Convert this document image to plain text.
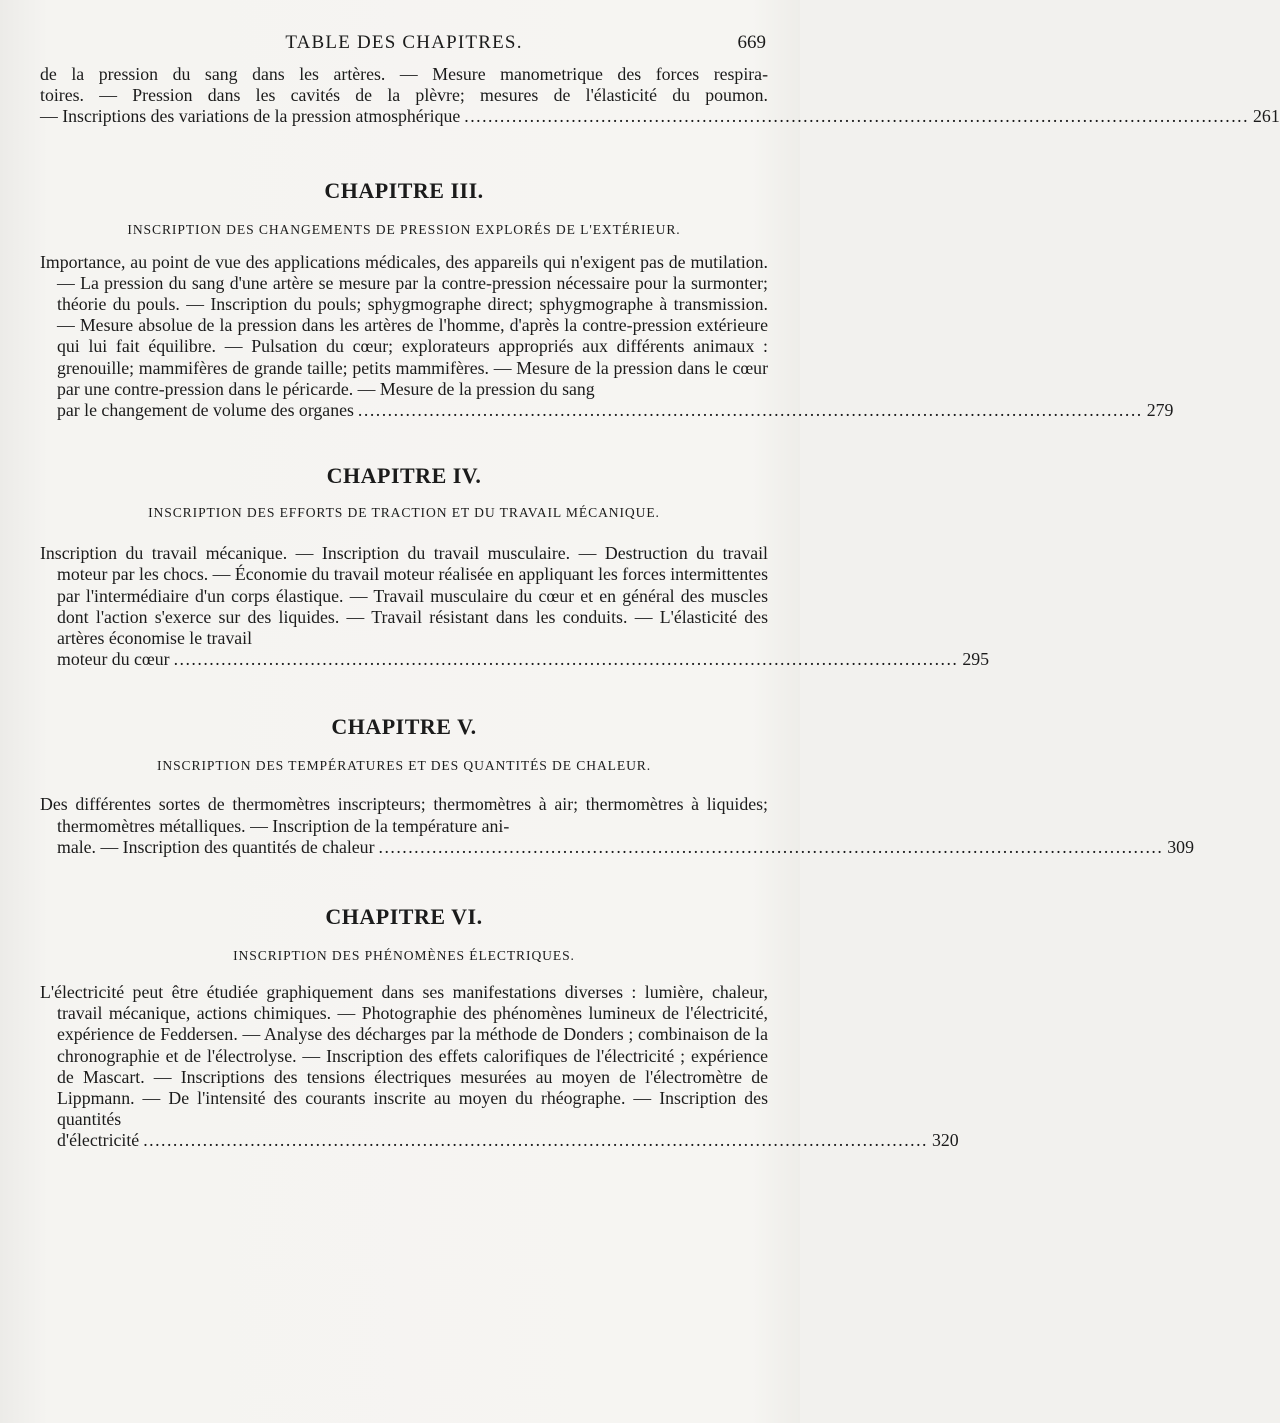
TABLE DES CHAPITRES.	669
de la pression du sang dans les artères. — Mesure manometrique des forces respira-
toires. — Pression dans les cavités de la plèvre; mesures de l'élasticité du poumon.
— Inscriptions des variations de la pression atmosphérique .................................................................................................................................... 261
CHAPITRE III.
INSCRIPTION DES CHANGEMENTS DE PRESSION EXPLORÉS DE L'EXTÉRIEUR.

Importance, au point de vue des applications médicales, des appareils qui n'exigent pas de mutilation. — La pression du sang d'une artère se mesure par la contre-pression nécessaire pour la surmonter; théorie du pouls. — Inscription du pouls; sphygmographe direct; sphygmographe à transmission. — Mesure absolue de la pression dans les artères de l'homme, d'après la contre-pression extérieure qui lui fait équilibre. — Pulsation du cœur; explorateurs appropriés aux différents animaux : grenouille; mammifères de grande taille; petits mammifères. — Mesure de la pression dans le cœur par une contre-pression dans le péricarde. — Mesure de la pression du sang

par le changement de volume des organes .................................................................................................................................... 279
CHAPITRE IV.
INSCRIPTION DES EFFORTS DE TRACTION ET DU TRAVAIL MÉCANIQUE.

Inscription du travail mécanique. — Inscription du travail musculaire. — Destruction du travail moteur par les chocs. — Économie du travail moteur réalisée en appliquant les forces intermittentes par l'intermédiaire d'un corps élastique. — Travail musculaire du cœur et en général des muscles dont l'action s'exerce sur des liquides. — Travail résistant dans les conduits. — L'élasticité des artères économise le travail

moteur du cœur .................................................................................................................................... 295
CHAPITRE V.
INSCRIPTION DES TEMPÉRATURES ET DES QUANTITÉS DE CHALEUR.

Des différentes sortes de thermomètres inscripteurs; thermomètres à air; thermomètres à liquides; thermomètres métalliques. — Inscription de la température ani-

male. — Inscription des quantités de chaleur .................................................................................................................................... 309
CHAPITRE VI.
INSCRIPTION DES PHÉNOMÈNES ÉLECTRIQUES.

L'électricité peut être étudiée graphiquement dans ses manifestations diverses : lumière, chaleur, travail mécanique, actions chimiques. — Photographie des phénomènes lumineux de l'électricité, expérience de Feddersen. — Analyse des décharges par la méthode de Donders ; combinaison de la chronographie et de l'électrolyse. — Inscription des effets calorifiques de l'électricité ; expérience de Mascart. — Inscriptions des tensions électriques mesurées au moyen de l'électromètre de Lippmann. — De l'intensité des courants inscrite au moyen du rhéographe. — Inscription des quantités

d'électricité .................................................................................................................................... 320
